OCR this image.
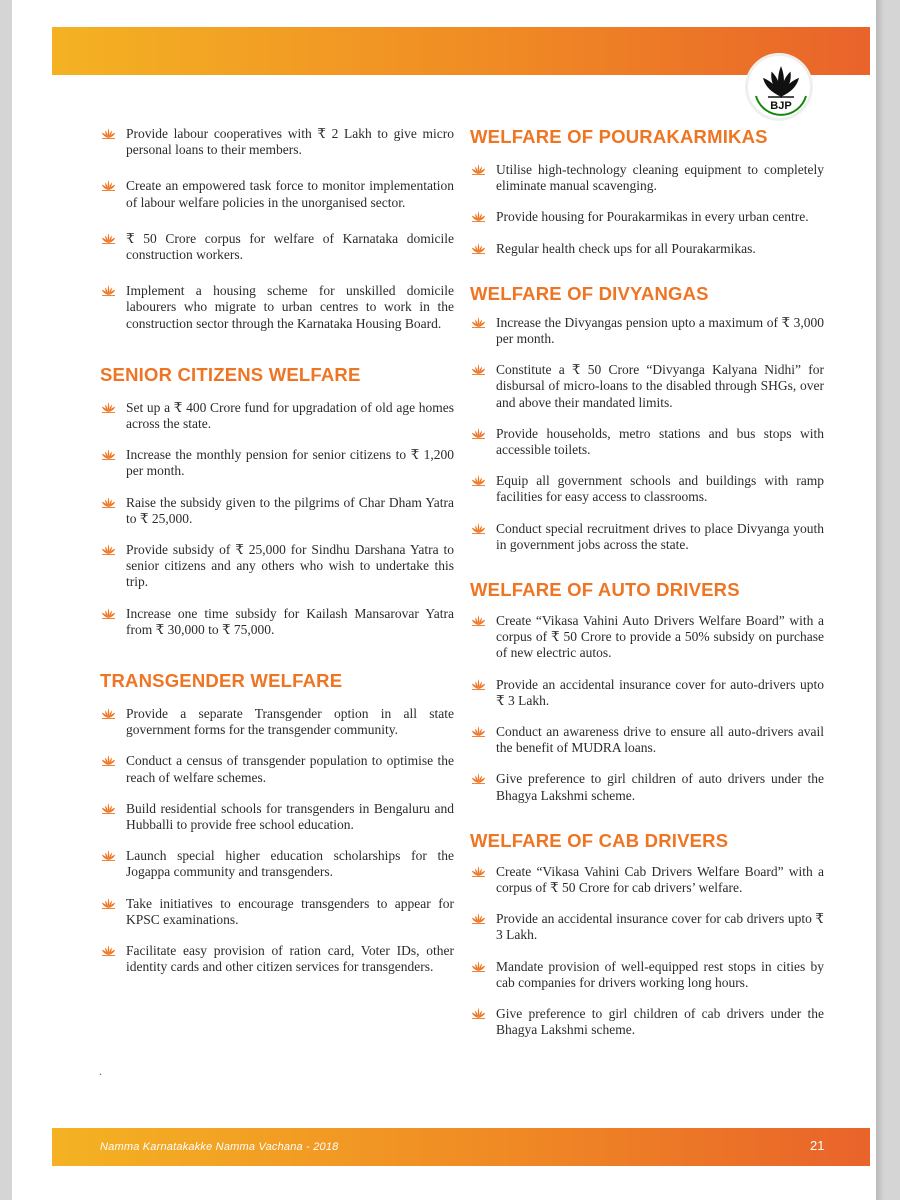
BJP
Provide labour cooperatives with ₹ 2 Lakh to give micro personal loans to their members.
Create an empowered task force to monitor implementation of labour welfare policies in the unorganised sector.
₹ 50 Crore corpus for welfare of Karnataka domicile construction workers.
Implement a housing scheme for unskilled domicile labourers who migrate to urban centres to work in the construction sector through the Karnataka Housing Board.
SENIOR CITIZENS WELFARE
Set up a ₹ 400 Crore fund for upgradation of old age homes across the state.
Increase the monthly pension for senior citizens to ₹ 1,200 per month.
Raise the subsidy given to the pilgrims of Char Dham Yatra to ₹ 25,000.
Provide subsidy of ₹ 25,000 for Sindhu Darshana Yatra to senior citizens and any others who wish to undertake this trip.
Increase one time subsidy for Kailash Mansarovar Yatra from ₹ 30,000 to ₹ 75,000.
TRANSGENDER WELFARE
Provide a separate Transgender option in all state government forms for the transgender community.
Conduct a census of transgender population to optimise the reach of welfare schemes.
Build residential schools for transgenders in Bengaluru and Hubballi to provide free school education.
Launch special higher education scholarships for the Jogappa community and transgenders.
Take initiatives to encourage transgenders to appear for KPSC examinations.
Facilitate easy provision of ration card, Voter IDs, other identity cards and other citizen services for transgenders.
.
WELFARE OF POURAKARMIKAS
Utilise high-technology cleaning equipment to completely eliminate manual scavenging.
Provide housing for Pourakarmikas in every urban centre.
Regular health check ups for all Pourakarmikas.
WELFARE OF DIVYANGAS
Increase the Divyangas pension upto a maximum of ₹ 3,000 per month.
Constitute a ₹ 50 Crore “Divyanga Kalyana Nidhi” for disbursal of micro-loans to the disabled through SHGs, over and above their mandated limits.
Provide households, metro stations and bus stops with accessible toilets.
Equip all government schools and buildings with ramp facilities for easy access to classrooms.
Conduct special recruitment drives to place Divyanga youth in government jobs across the state.
WELFARE OF AUTO DRIVERS
Create “Vikasa Vahini Auto Drivers Welfare Board” with a corpus of ₹ 50 Crore to provide a 50% subsidy on purchase of new electric autos.
Provide an accidental insurance cover for auto-drivers upto ₹ 3 Lakh.
Conduct an awareness drive to ensure all auto-drivers avail the benefit of MUDRA loans.
Give preference to girl children of auto drivers under the Bhagya Lakshmi scheme.
WELFARE OF CAB DRIVERS
Create “Vikasa Vahini Cab Drivers Welfare Board” with a corpus of ₹ 50 Crore for cab drivers’ welfare.
Provide an accidental insurance cover for cab drivers upto ₹ 3 Lakh.
Mandate provision of well-equipped rest stops in cities by cab companies for drivers working long hours.
Give preference to girl children of cab drivers under the Bhagya Lakshmi scheme.
Namma Karnatakakke Namma Vachana - 2018	21
